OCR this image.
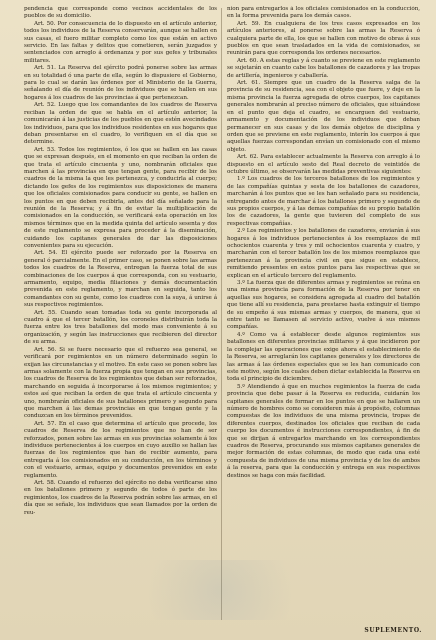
pendencia que corresponde como vecinos accidentales de los pueblos de su domicilio.

Art. 50. Por consecuencia de lo dispuesto en el artículo anterior, todos los individuos de la Reserva conservarán, aunque se hallen en sus casas, el fuero militar completo como los que están en activo servicio. En las faltas y delitos que cometieren, serán juzgados y sentenciados con arreglo á ordenanza y por sus gefes y tribunales militares.

Art. 51. La Reserva del ejército podrá ponerse sobre las armas en su totalidad ó una parte de ella, según lo dispusiere el Gobierno, para lo cual se darán las órdenes por el Ministerio de la Guerra, señalando el día de reunión de los individuos que se hallen en sus hogares á los cuadros de las provincias á que pertenezcan.

Art. 52. Luego que los comandantes de los cuadros de Reserva reciban la orden de que se habla en el artículo anterior, la comunicarán á las justicias de los pueblos en que estén avecindados los individuos, para que los individuos residentes en sus hogares que deban presentarse en el cuadro, lo verifiquen en el día que se determine.

Art. 53. Todos los regimientos, ó los que se hallen en las casas que se expresan después, en el momento en que reciban la orden de que trata el artículo cincuenta y uno, nombrarán oficiales que marchen á las provincias en que tengan gente, para recibir de los cuadros de la misma la que les pertenezca, y conducirla al cuerpo; dictando los gefes de los regimientos sus disposiciones de manera que los oficiales comisionados para conducir su gente, se hallen en los puntos en que deben recibirla, antes del día señalado para la reunión de la Reserva; y á fin de evitar la multiplicación de comisionados en la conducción, se verificará esta operación en los mismos términos que en la medida quinta del artículo sesenta y dos de este reglamento se expresa para proceder á la diseminación, cuidando los capitanes generales de dar las disposiciones convenientes para su ejecución.

Art. 54. El ejército puede ser reforzado por la Reserva en general ó parcialmente. En el primer caso, se ponen sobre las armas todos los cuadros de la Reserva, entregan la fuerza total de sus combinaciones de los cuerpos á que corresponda, con su vestuario, armamento, equipo, media filiaciones y demás documentación prevenida en este reglamento, y marchan en seguida, tanto los comandantes con su gente, como los cuadros con la suya, á unirse á sus respectivos regimientos.

Art. 55. Cuando sean tomadas toda su gente incorporada al cuadro á que el tercer batallón, los coroneles distribuirán toda la fuerza entre los tres batallones del modo mas conveniente á su organización, y según las instrucciones que recibieren del director de su arma.

Art. 56. Si se fuere necesario que el refuerzo sea general, se verificará por regimientos en un número determinado según lo exijan las circunstancias y el motivo. En este caso se ponen sobre las armas solamente con la fuerza propia que tengan en sus provincias, los cuadros de Reserva de los regimientos que deban ser reforzados, marchando en seguida á incorporarse á los mismos regimientos; y estos así que reciban la orden de que trata el artículo cincuenta y uno, nombrarán oficiales de sus batallones primero y segundo para que marchen á las demas provincias en que tengan gente y la conduzcan en los términos prevenidos.

Art. 57. En el caso que determina el artículo que procede, los cuadros de Reserva de los regimientos que no han de ser reforzados, ponen sobre las armas en sus provincias solamente á los individuos pertenecientes á los cuerpos en cuyo auxilio se hallan las fuerzas de los regimientos que han de recibir aumento, para entregarla á los comisionados en su conducción, en los términos y con el vestuario, armas, equipo y documentos prevenidos en este reglamento.

Art. 58. Cuando el refuerzo del ejército no deba verificarse sino en los batallones primero y segundo de todos ó parte de los regimientos, los cuadros de la Reserva podrán sobre las armas, en el día que se señale, los individuos que sean llamados por la orden de reu-

nion para entregarlos á los oficiales comisionados en la conducción, en la forma prevenida para los demás casos.

Art. 59. En cualquiera de los tres casos expresados en los artículos anteriores, al ponerse sobre las armas la Reserva ó cualquiera parte de ella, los que se hallen con motivo de obras á sus pueblos en que sean trasladados en la vida de comisionados, se reunirán para que corresponda los ordenes necesarios.

Art. 60. A estas reglas y á cuanto se previene en este reglamento se sujetarán en cuanto cabe los batallones de cazadores y las tropas de artillería, ingenieros y caballería.

Art. 61. Siempre que un cuadro de la Reserva salga de la provincia de su residencia, sea con el objeto que fuere, y deje en la misma provincia la fuerza agregada de otros cuerpos, los capitanes generales nombrarán al preciso número de oficiales, que situándose en el punto que deja el cuadro, se encarguen del vestuario, armamento y documentación de los individuos que deban permanecer en sus casas y de los demás objetos de disciplina y orden que se previene en este reglamento, interín los cuerpos á que aquellas fuerzas correspondan envían un comisionado con el mismo objeto.

Art. 62. Para establecer actualmente la Reserva con arreglo á lo dispuesto en el artículo sesto del Real decreto de veintidós de octubre último, se observarán las medidas preventivas siguientes:

1.º Los cuadros de los terceros batallones de los regimientos y de las compañías quintas y sesta de los batallones de cazadores, marcharán á los puntos que se les han señalado para su residencia, entregando antes de marchar á los batallones primero y segundo de sus propios cuerpos, y á las demas compañías de su propio batallón los de cazadores, la gente que tuvieren del completo de sus respectivas compañías.

2.º Los regimientos y los batallones de cazadores, enviarán á sus hogares á los individuos pertenecientes á los reemplazos de mil ochocientos cuarenta y tres y mil ochocientos cuarenta y cuatro, y marcharán con el tercer batallón los de los mismos reemplazos que pertenezcan á la provincia civil en que sigue en establece, remitiendo presentes en estos puntos para las respectivas que se explican en el artículo tercero del reglamento.

3.º La fuerza que de diferentes armas y regimientos se reúna en una misma provincia para formación de la Reserva por tener en aquellas sus hogares, se considera agregada al cuadro del batallón que tiene allí su residencia, para prestarse hasta extinguir el tiempo de su empeño á sus mismas armas y cuerpos, de manera, que si entre tanto se llamasen al servicio activo, vuelve á sus mismos compañías.

4.º Como va á establecer desde algunos regimientos sus batallones en diferentes provincias militares y á que incidieron por la complejar las operaciones que exige ahora el establecimiento de la Reserva, se arreglarán los capitanes generales y los directores de las armas á las órdenes especiales que se les han comunicado con este motivo, según los cuales deben dictar establecida la Reserva en toda el principio de diciembre.

5.º Atendiendo á que en muchos regimientos la fuerza de cada provincia que debe pasar á la Reserva es reducida, cuidarán los capitanes generales de formar en los puntos en que se hallaren un número de hombres como se consideren más á propósito, columnas compuestas de los individuos de una misma provincia, tropas de diferentes cuerpos, destinados los oficiales que reciban de cada cuerpo los documentos é instrucciones correspondientes, á fin de que se dirijan á entregarlos marchando en los correspondientes cuadros de Reserva, procurando sus mismos capitanes generales de mejor formación de estas columnas, de modo que cada una esté compuesta de individuos de una misma provincia y de los de ambos á la reserva, para que la conducción y entrega en sus respectivos destinos se haga con más facilidad.

SUPLEMENTO.
